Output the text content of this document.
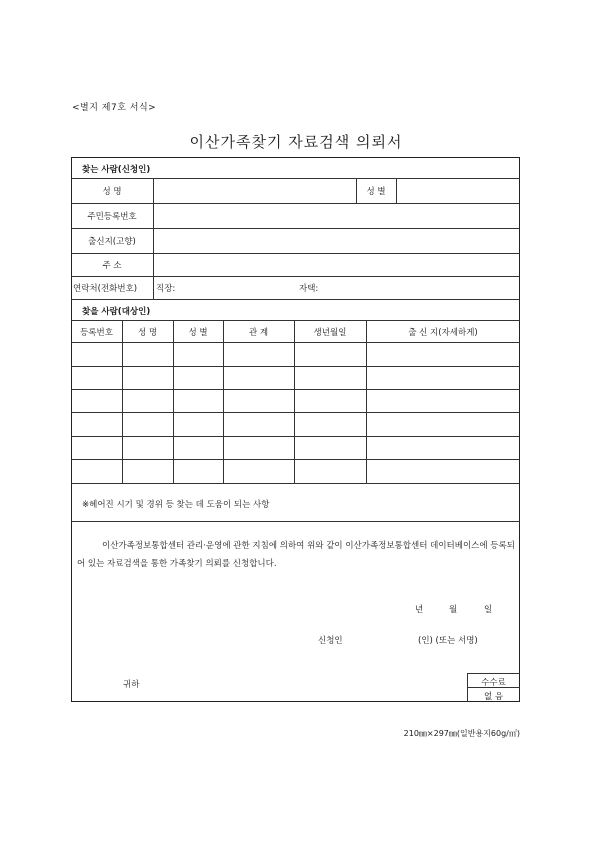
<별지 제7호 서식>
이산가족찾기 자료검색 의뢰서
찾는 사람(신청인)
성 명	성 별
주민등록번호
출신지(고향)
주 소
연락처(전화번호) 직장:	자택:
찾을 사람(대상인)
등록번호	성 명	성 별	관 계	생년월일	출 신 지(자세하게)
※헤어진 시기 및 경위 등 찾는 데 도움이 되는 사항
이산가족정보통합센터 관리·운영에 관한 지침에 의하여 위와 같이 이산가족정보통합센터 데이터베이스에 등록되어 있는 자료검색을 통한 가족찾기 의뢰를 신청합니다.
년	월	일
신청인	(인) (또는 서명)
귀하	수수료
없 음
210㎜×297㎜(일반용지60g/㎡)
